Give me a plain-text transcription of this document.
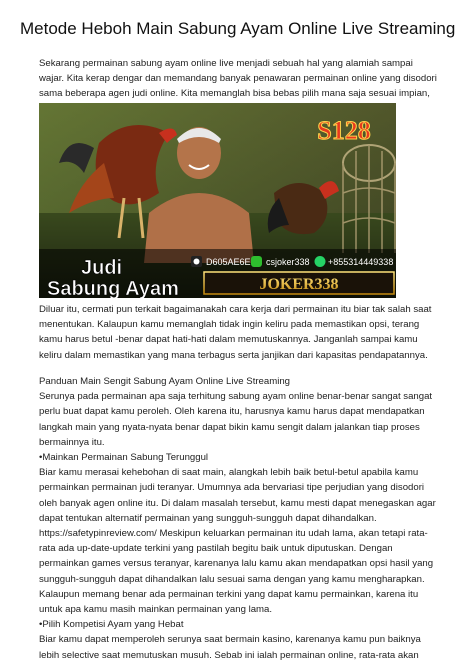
Metode Heboh Main Sabung Ayam Online Live Streaming
Sekarang permainan sabung ayam online live menjadi sebuah hal yang alamiah sampai wajar. Kita kerap dengar dan memandang banyak penawaran permainan online yang disodori sama beberapa agen judi online. Kita memanglah bisa bebas pilih mana saja sesuai impian,
S128
Judi
Sabung Ayam
D605AE6E csjoker338 +855314449338
JOKER338
Diluar itu, cermati pun terkait bagaimanakah cara kerja dari permainan itu biar tak salah saat menentukan. Kalaupun kamu memanglah tidak ingin keliru pada memastikan opsi, terang kamu harus betul -benar dapat hati-hati dalam memutuskannya. Janganlah sampai kamu keliru dalam memastikan yang mana terbagus serta janjikan dari kapasitas pendapatannya.

Panduan Main Sengit Sabung Ayam Online Live Streaming

Serunya pada permainan apa saja terhitung sabung ayam online benar-benar sangat sangat perlu buat dapat kamu peroleh. Oleh karena itu, harusnya kamu harus dapat mendapatkan langkah main yang nyata-nyata benar dapat bikin kamu sengit dalam jalankan tiap proses bermainnya itu.

•Mainkan Permainan Sabung Terunggul

Biar kamu merasai kehebohan di saat main, alangkah lebih baik betul-betul apabila kamu permainkan permainan judi teranyar. Umumnya ada bervariasi tipe perjudian yang disodori oleh banyak agen online itu. Di dalam masalah tersebut, kamu mesti dapat menegaskan agar dapat tentukan alternatif permainan yang sungguh-sungguh dapat dihandalkan. https://safetypinreview.com/ Meskipun keluarkan permainan itu udah lama, akan tetapi rata-rata ada up-date-update terkini yang pastilah begitu baik untuk diputuskan. Dengan permainkan games versus teranyar, karenanya lalu kamu akan mendapatkan opsi hasil yang sungguh-sungguh dapat dihandalkan lalu sesuai sama dengan yang kamu mengharapkan. Kalaupun memang benar ada permainan terkini yang dapat kamu permainkan, karena itu untuk apa kamu masih mainkan permainan yang lama.

•Pilih Kompetisi Ayam yang Hebat

Biar kamu dapat memperoleh serunya saat bermain kasino, karenanya kamu pun baiknya lebih selective saat memutuskan musuh. Sebab ini ialah permainan online, rata-rata akan
